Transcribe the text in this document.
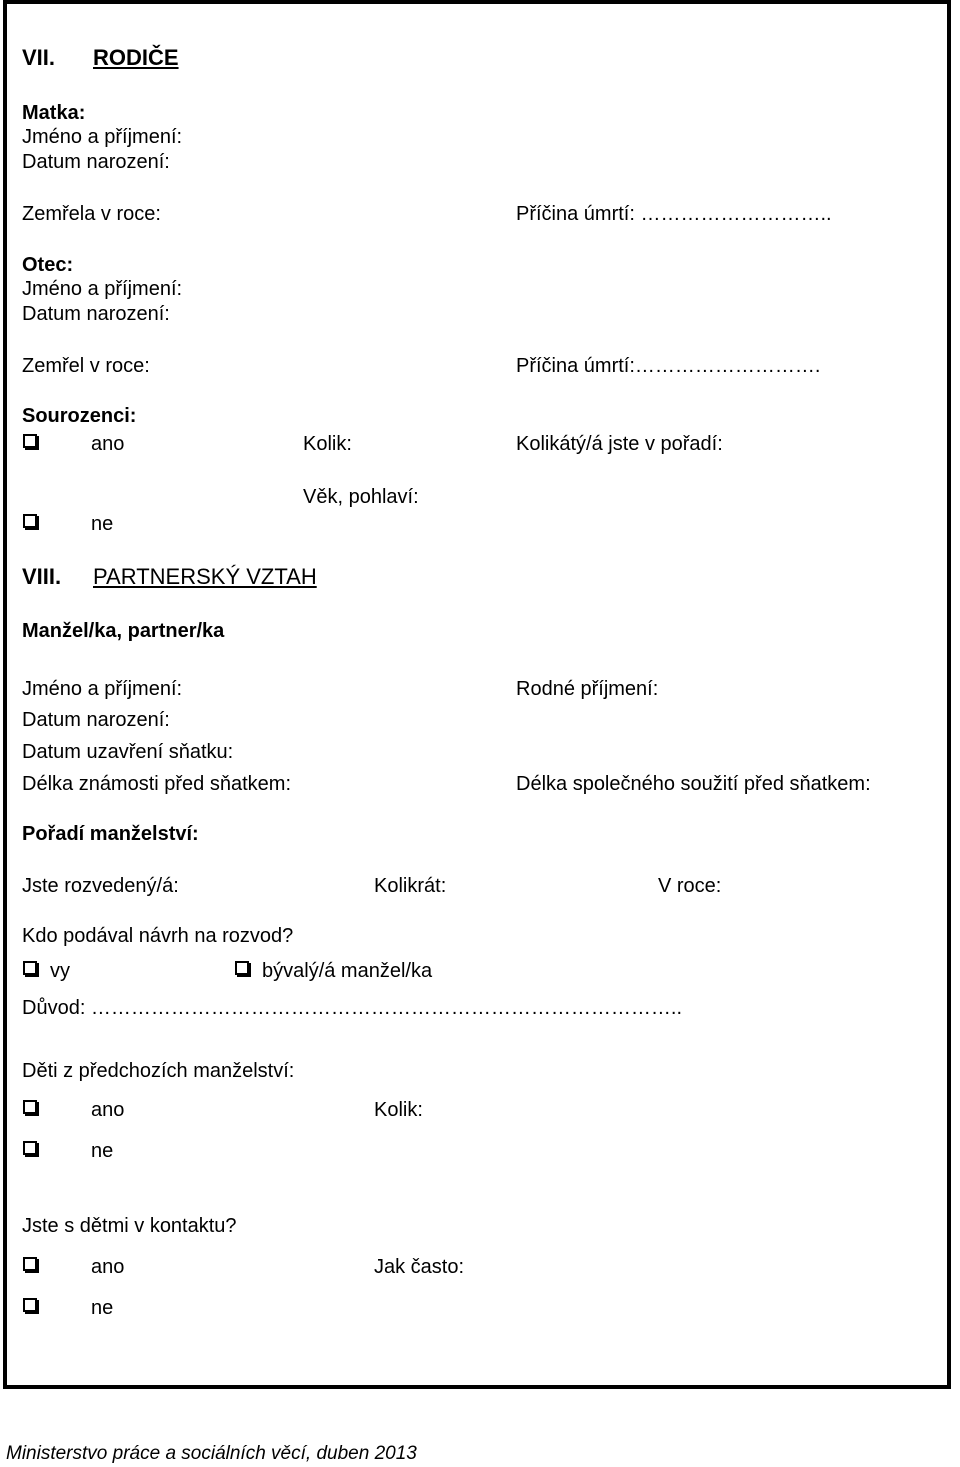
VII. RODIČE
Matka:
Jméno a příjmení:
Datum narození:
Zemřela v roce:	Příčina úmrtí: ………………………..
Otec:
Jméno a příjmení:
Datum narození:
Zemřel v roce:	Příčina úmrtí:……………………….
Sourozenci:
ano	Kolik:	Kolikátý/á jste v pořadí:
Věk, pohlaví:
ne
VIII. PARTNERSKÝ VZTAH
Manžel/ka, partner/ka
Jméno a příjmení:	Rodné příjmení:
Datum narození:
Datum uzavření sňatku:
Délka známosti před sňatkem:	Délka společného soužití před sňatkem:
Pořadí manželství:
Jste rozvedený/á:	Kolikrát:	V roce:
Kdo podával návrh na rozvod?
vy	bývalý/á manžel/ka
Důvod: ……………………………………………………………………………..
Děti z předchozích manželství:
ano	Kolik:
ne
Jste s dětmi v kontaktu?
ano	Jak často:
ne
Ministerstvo práce a sociálních věcí, duben 2013
